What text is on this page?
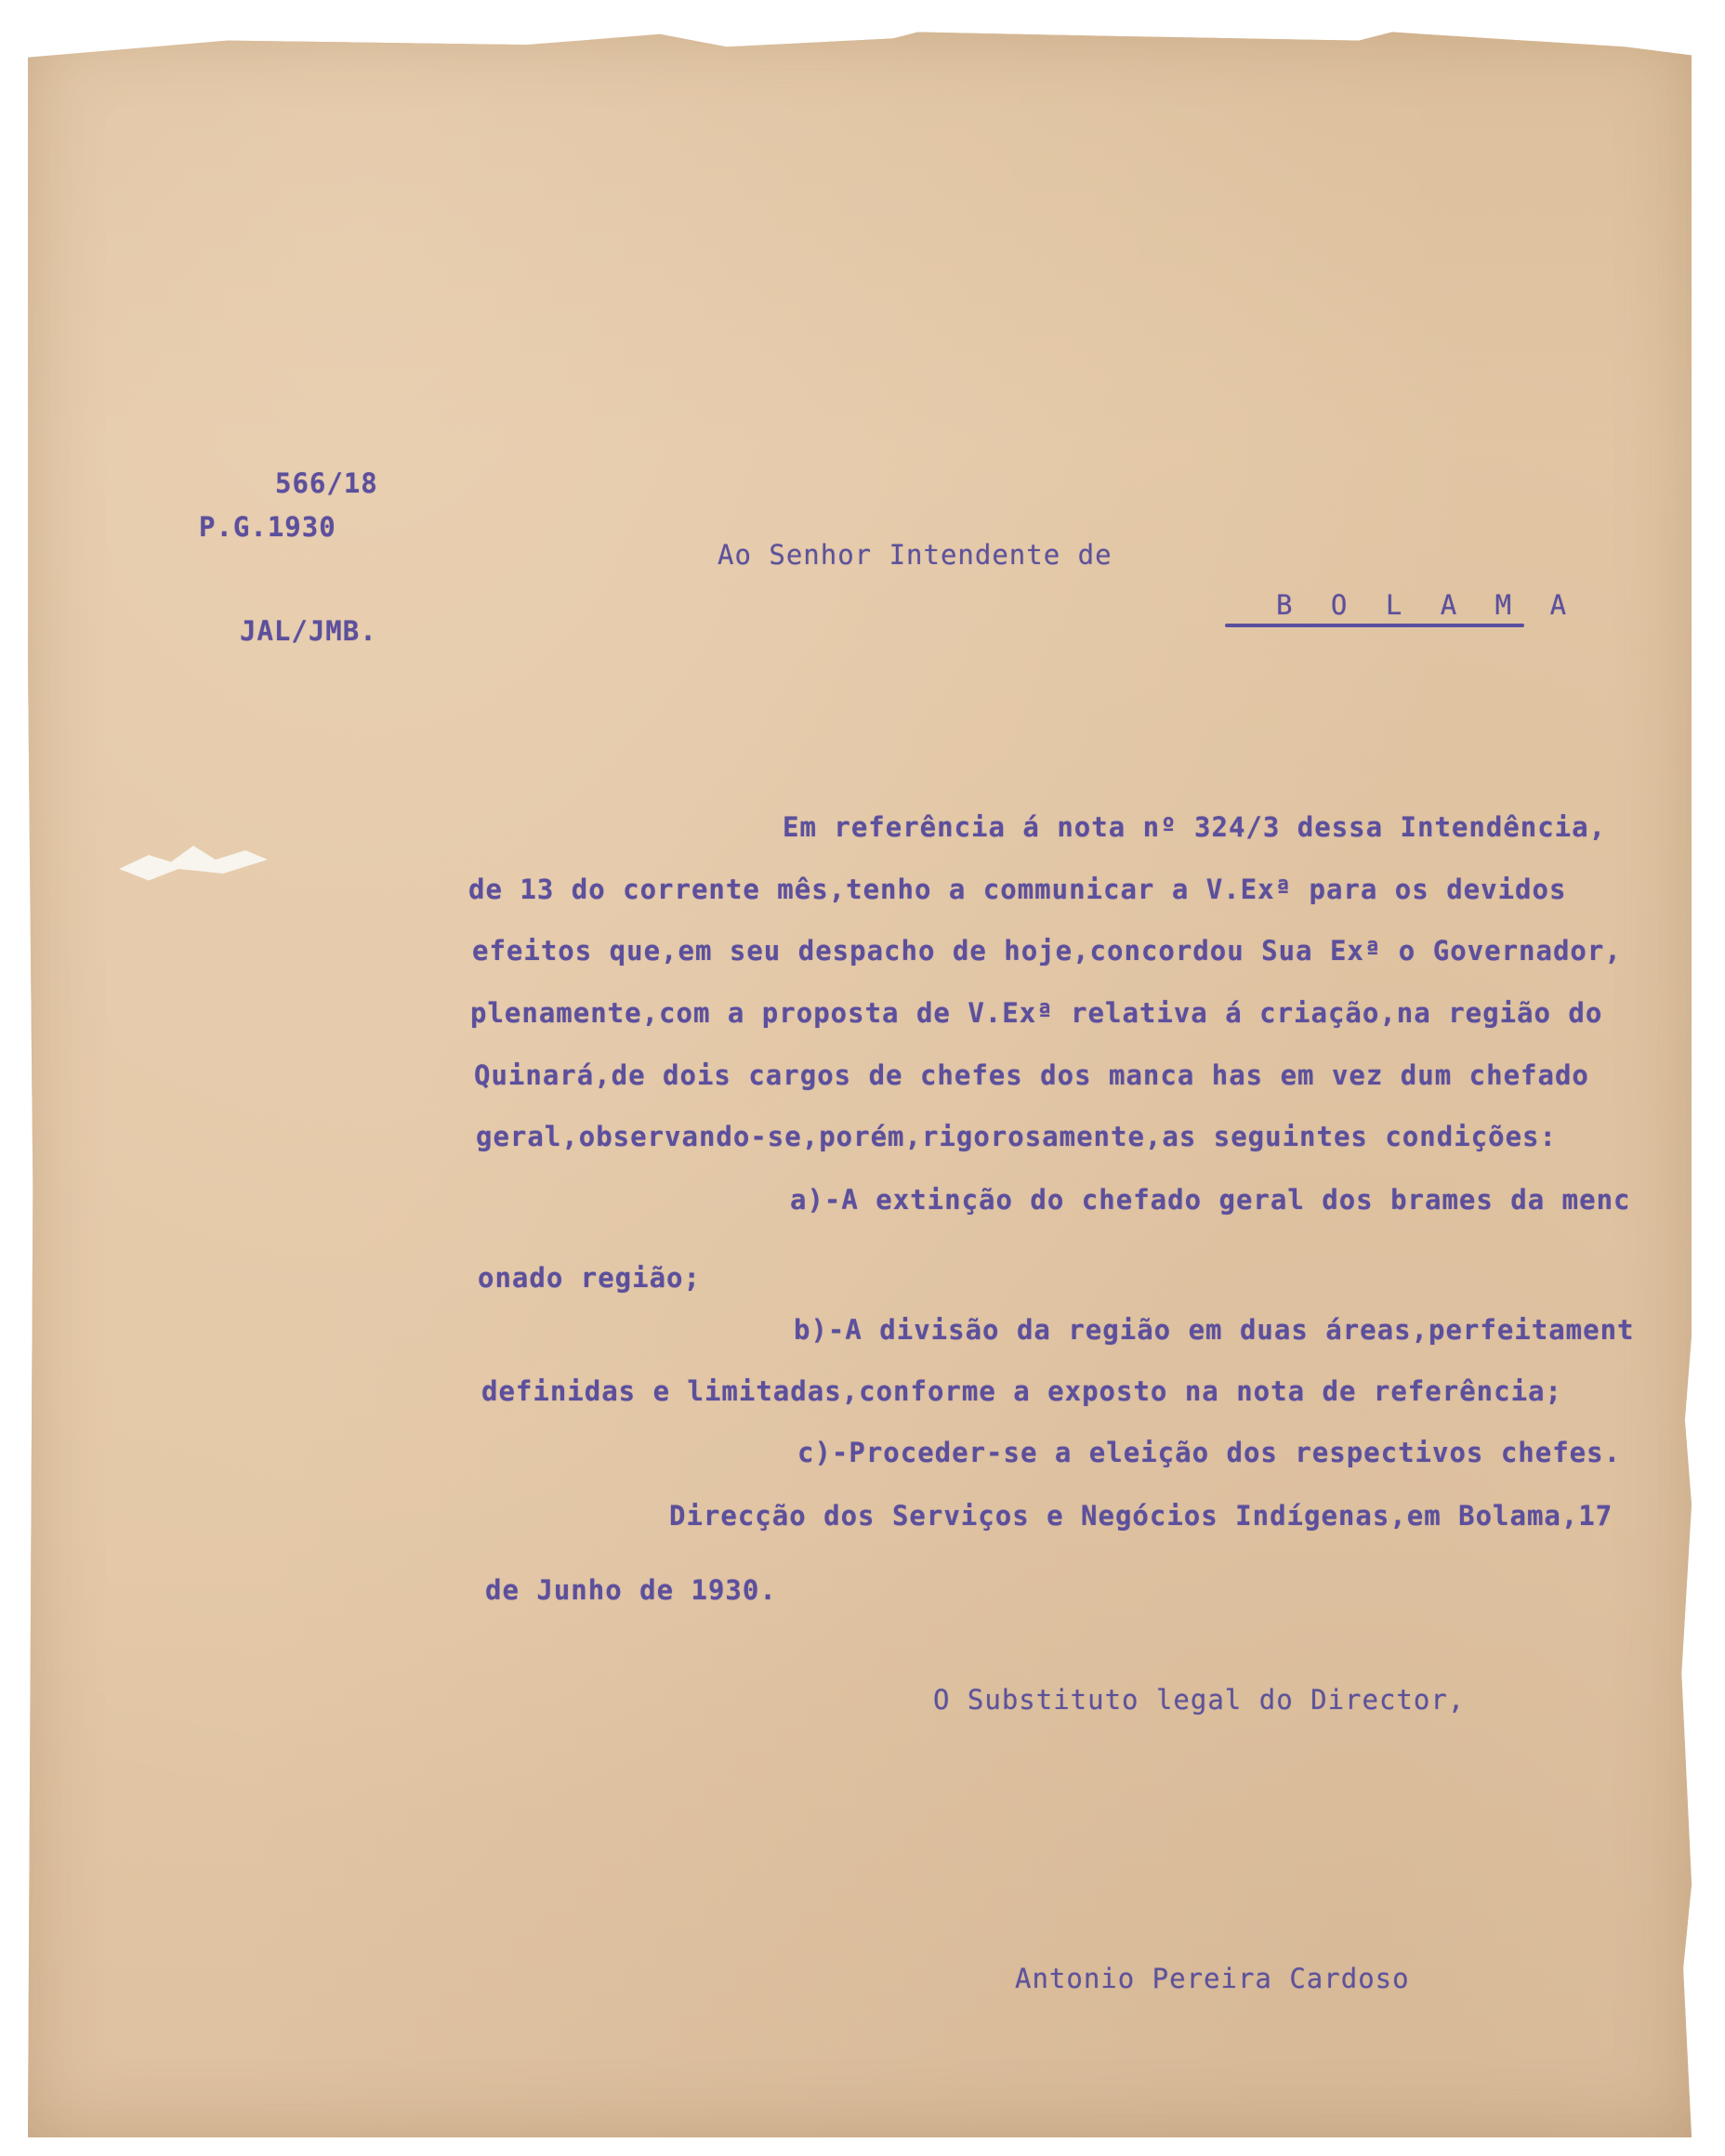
566/18
P.G.1930
JAL/JMB.
Ao Senhor Intendente de
B O L A M A
Em referência á nota nº 324/3 dessa Intendência,
de 13 do corrente mês,tenho a communicar a V.Exª para os devidos
efeitos que,em seu despacho de hoje,concordou Sua Exª o Governador,
plenamente,com a proposta de V.Exª relativa á criação,na região do
Quinará,de dois cargos de chefes dos manca has em vez dum chefado
geral,observando-se,porém,rigorosamente,as seguintes condições:
a)-A extinção do chefado geral dos brames da menc
onado região;
b)-A divisão da região em duas áreas,perfeitament
definidas e limitadas,conforme a exposto na nota de referência;
c)-Proceder-se a eleição dos respectivos chefes.
Direcção dos Serviços e Negócios Indígenas,em Bolama,17
de Junho de 1930.
O Substituto legal do Director,
Antonio Pereira Cardoso
